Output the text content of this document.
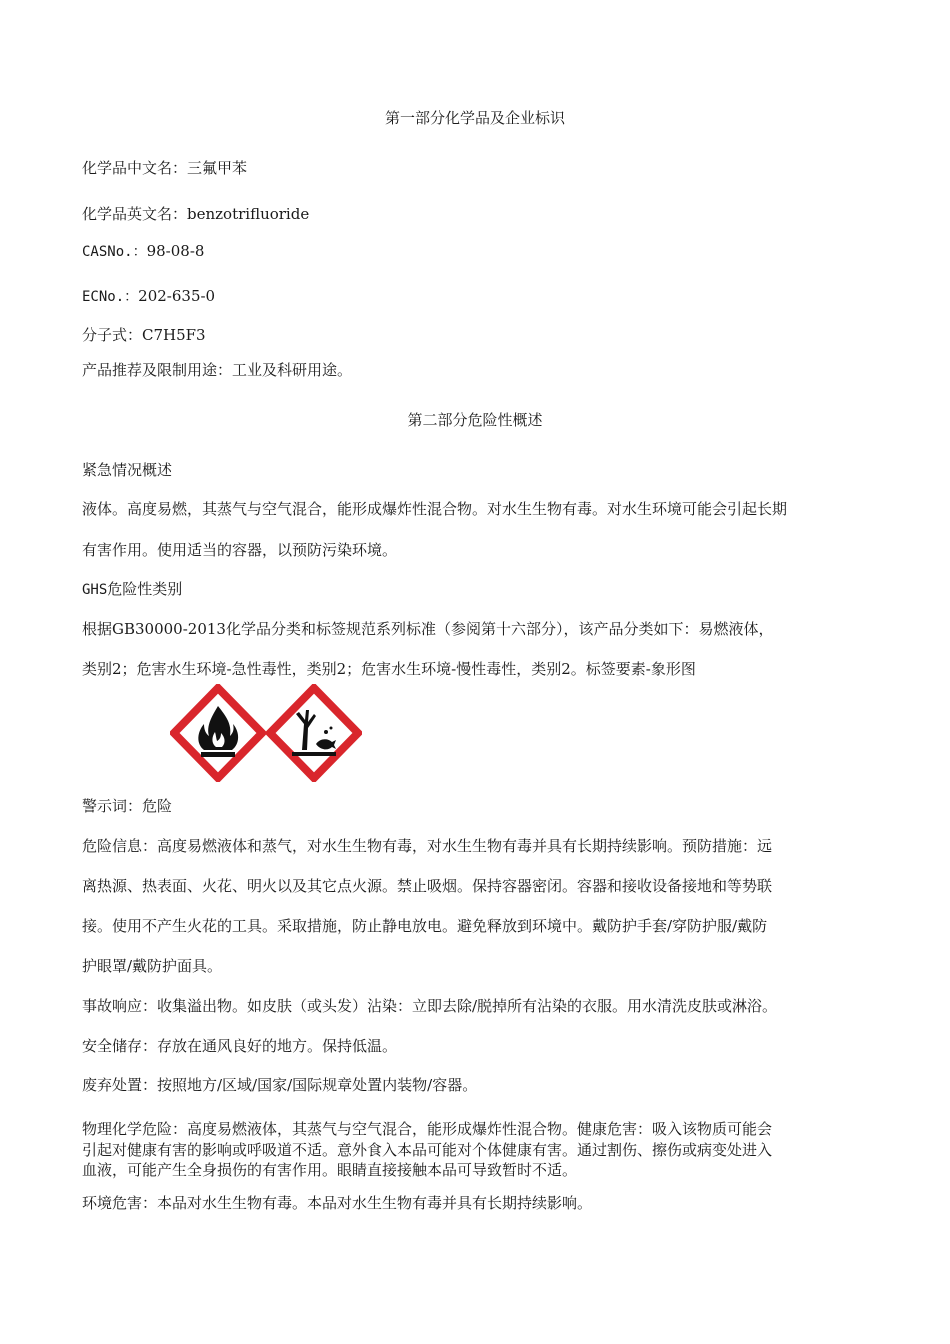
第一部分化学品及企业标识
化学品中文名：三氟甲苯
化学品英文名：benzotrifluoride
CASNo.：98-08-8
ECNo.：202-635-0
分子式：C7H5F3
产品推荐及限制用途：工业及科研用途。
第二部分危险性概述
紧急情况概述
液体。高度易燃，其蒸气与空气混合，能形成爆炸性混合物。对水生生物有毒。对水生环境可能会引起长期
有害作用。使用适当的容器，以预防污染环境。
GHS危险性类别
根据GB30000-2013化学品分类和标签规范系列标准（参阅第十六部分），该产品分类如下：易燃液体，
类别2；危害水生环境-急性毒性，类别2；危害水生环境-慢性毒性，类别2。标签要素-象形图
警示词：危险
危险信息：高度易燃液体和蒸气，对水生生物有毒，对水生生物有毒并具有长期持续影响。预防措施：远
离热源、热表面、火花、明火以及其它点火源。禁止吸烟。保持容器密闭。容器和接收设备接地和等势联
接。使用不产生火花的工具。采取措施，防止静电放电。避免释放到环境中。戴防护手套/穿防护服/戴防
护眼罩/戴防护面具。
事故响应：收集溢出物。如皮肤（或头发）沾染：立即去除/脱掉所有沾染的衣服。用水清洗皮肤或淋浴。
安全储存：存放在通风良好的地方。保持低温。
废弃处置：按照地方/区域/国家/国际规章处置内装物/容器。
物理化学危险：高度易燃液体，其蒸气与空气混合，能形成爆炸性混合物。健康危害：吸入该物质可能会
引起对健康有害的影响或呼吸道不适。意外食入本品可能对个体健康有害。通过割伤、擦伤或病变处进入
血液，可能产生全身损伤的有害作用。眼睛直接接触本品可导致暂时不适。
环境危害：本品对水生生物有毒。本品对水生生物有毒并具有长期持续影响。
